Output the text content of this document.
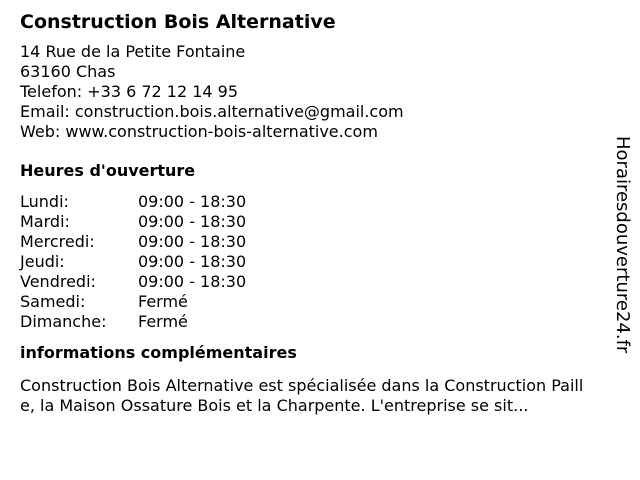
Construction Bois Alternative
14 Rue de la Petite Fontaine
63160 Chas
Telefon: +33 6 72 12 14 95
Email: construction.bois.alternative@gmail.com
Web: www.construction-bois-alternative.com
Heures d'ouverture
Lundi:	09:00 - 18:30
Mardi:	09:00 - 18:30
Mercredi:	09:00 - 18:30
Jeudi:	09:00 - 18:30
Vendredi:	09:00 - 18:30
Samedi:	Fermé
Dimanche:	Fermé
informations complémentaires
Construction Bois Alternative est spécialisée dans la Construction Paille, la Maison Ossature Bois et la Charpente. L'entreprise se sit...
Horairesdouverture24.fr
